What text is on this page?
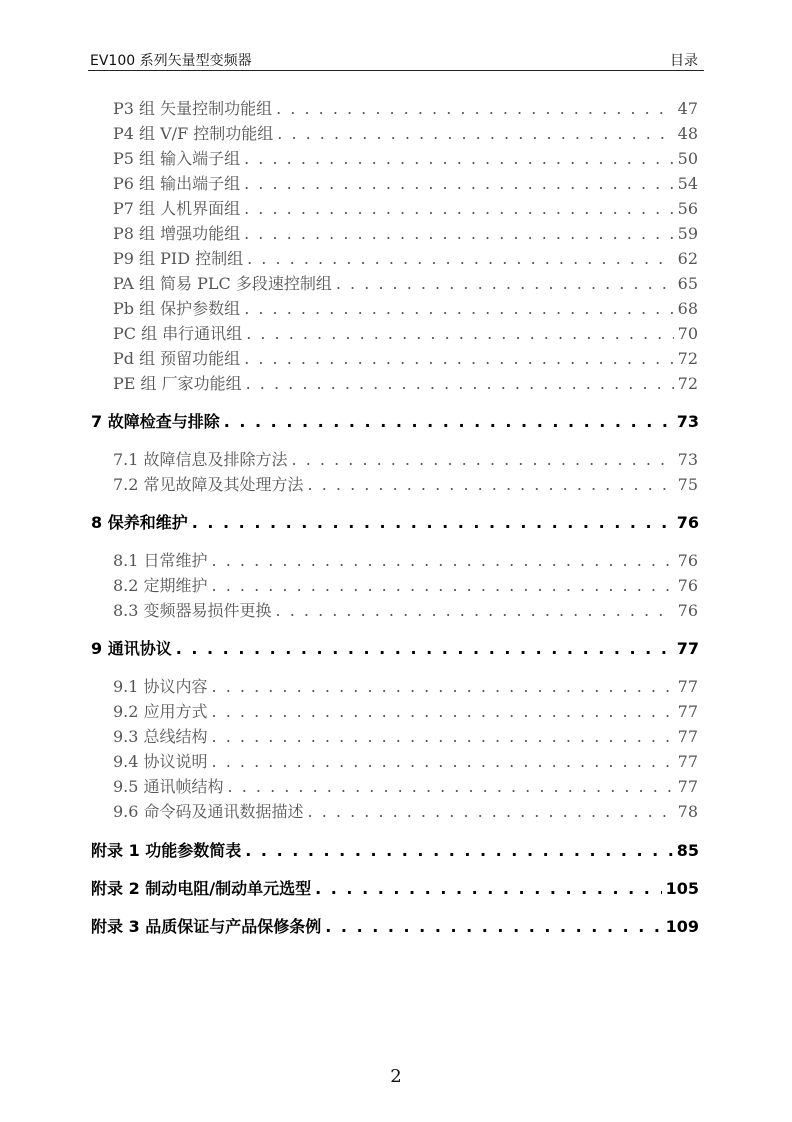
EV100 系列矢量型变频器	目录
P3 组 矢量控制功能组 . . .	47
P4 组 V/F 控制功能组 . . .	48
P5 组 输入端子组 . . .	50
P6 组 输出端子组 . . .	54
P7 组 人机界面组 . . .	56
P8 组 增强功能组 . . .	59
P9 组 PID 控制组 . . .	62
PA 组 简易 PLC 多段速控制组 . . .	65
Pb 组 保护参数组 . . .	68
PC 组 串行通讯组 . . .	70
Pd 组 预留功能组 . . .	72
PE 组 厂家功能组 . . .	72
7 故障检查与排除 . . .	73
7.1 故障信息及排除方法 . . .	73
7.2 常见故障及其处理方法 . . .	75
8 保养和维护 . . .	76
8.1 日常维护 . . .	76
8.2 定期维护 . . .	76
8.3 变频器易损件更换 . . .	76
9 通讯协议 . . .	77
9.1 协议内容 . . .	77
9.2 应用方式 . . .	77
9.3 总线结构 . . .	77
9.4 协议说明 . . .	77
9.5 通讯帧结构 . . .	77
9.6 命令码及通讯数据描述 . . .	78
附录 1 功能参数简表 . . .	85
附录 2 制动电阻/制动单元选型 . . .	105
附录 3 品质保证与产品保修条例 . . .	109
2
